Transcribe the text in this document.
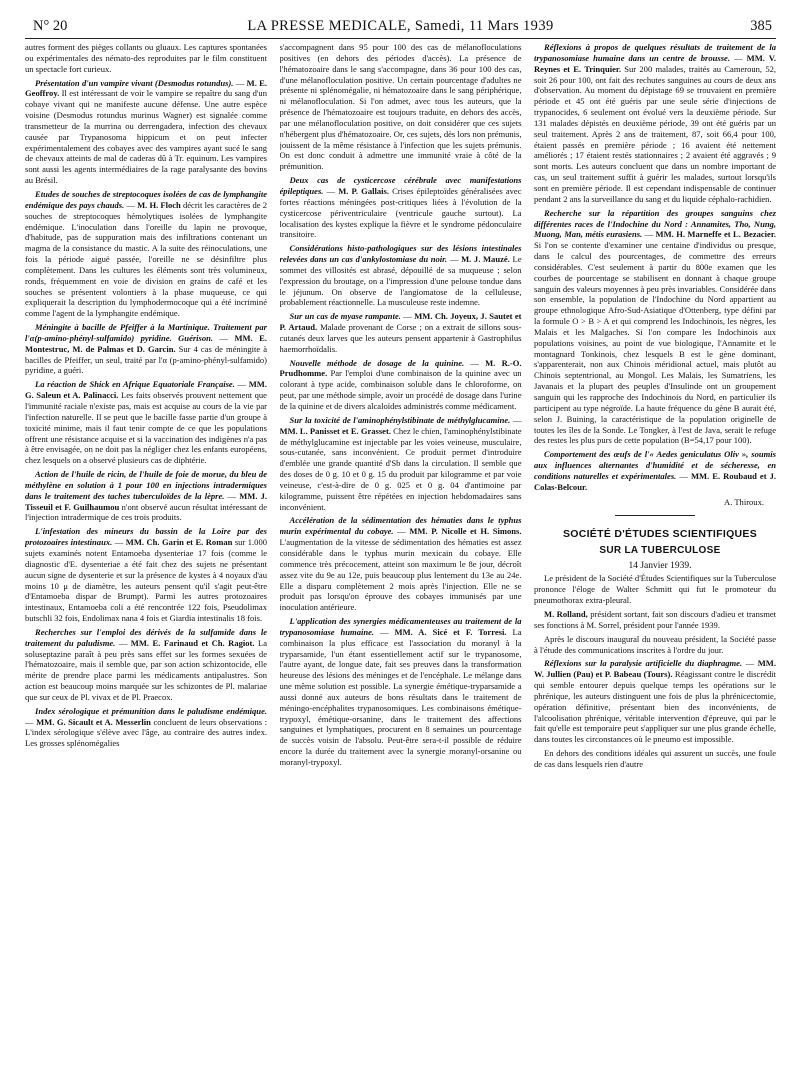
N° 20	LA PRESSE MEDICALE, Samedi, 11 Mars 1939	385

autres forment des pièges collants ou gluaux. Les captures spontanées ou expérimentales des némato-des reproduites par le film constituent un spectacle fort curieux.

Présentation d'un vampire vivant (Desmodus rotundus). — M. E. Geoffroy. Il est intéressant de voir le vampire se repaître du sang d'un cobaye vivant qui ne manifeste aucune défense. Une autre espèce voisine (Desmodus rotundus murinus Wagner) est signalée comme transmetteur de la murrina ou derrengadera, infection des chevaux causée par Trypanosoma hippicum et on peut infecter expérimentalement des cobayes avec des vampires ayant sucé le sang de chevaux atteints de mal de caderas dû à Tr. equinum. Les vampires sont aussi les agents intermédiaires de la rage paralysante des bovins au Brésil.

Etudes de souches de streptocoques isolées de cas de lymphangite endémique des pays chauds. — M. H. Floch décrit les caractères de 2 souches de streptocoques hémolytiques isolées de lymphangite endémique. L'inoculation dans l'oreille du lapin ne provoque, d'habitude, pas de suppuration mais des infiltrations contenant un magma de la consistance du mastic. A la suite des réinoculations, une fois la période aiguë passée, l'oreille ne se désinfiltre plus complètement. Dans les cultures les éléments sont très volumineux, ronds, fréquemment en voie de division en grains de café et les souches se présentent volontiers à la phase muqueuse, ce qui expliquerait la description du lymphodermocoque qui a été incriminé comme l'agent de la lymphangite endémique.

Méningite à bacille de Pfeiffer à la Martinique. Traitement par l'α(p-amino-phényl-sulfamido) pyridine. Guérison. — MM. E. Montestruc, M. de Palmas et D. Garcin. Sur 4 cas de méningite à bacilles de Pfeiffer, un seul, traité par l'α (p-amino-phényl-sulfamido) pyridine, a guéri.

La réaction de Shick en Afrique Equatoriale Française. — MM. G. Saleun et A. Palinacci. Les faits observés prouvent nettement que l'immunité raciale n'existe pas, mais est acquise au cours de la vie par l'infection naturelle. Il se peut que le bacille fasse partie d'un groupe à toxicité minime, mais il faut tenir compte de ce que les populations offrent une résistance acquise et si la vaccination des indigènes n'a pas à être envisagée, on ne doit pas la négliger chez les enfants européens, chez lesquels on a observé plusieurs cas de diphtérie.

Action de l'huile de ricin, de l'huile de foie de morue, du bleu de méthylène en solution à 1 pour 100 en injections intradermiques dans le traitement des taches tuberculoïdes de la lèpre. — MM. J. Tisseuil et F. Guilhaumou n'ont observé aucun résultat intéressant de l'injection intradermique de ces trois produits.

L'infestation des mineurs du bassin de la Loire par des protozoaires intestinaux. — MM. Ch. Garin et E. Roman sur 1.000 sujets examinés notent Entamoeba dysenteriae 17 fois (comme le diagnostic d'E. dysenteriae a été fait chez des sujets ne présentant aucun signe de dysenterie et sur la présence de kystes à 4 noyaux d'au moins 10 μ de diamètre, les auteurs pensent qu'il s'agit peut-être d'Entamoeba dispar de Brumpt). Parmi les autres protozoaires intestinaux, Entamoeba coli a été rencontrée 122 fois, Pseudolimax butschli 32 fois, Endolimax nana 4 fois et Giardia intestinalis 18 fois.

Recherches sur l'emploi des dérivés de la sulfamide dans le traitement du paludisme. — MM. E. Farinaud et Ch. Ragiot. La soluseptazine paraît à peu près sans effet sur les formes sexuées de l'hématozoaire, mais il semble que, par son action schizontocide, elle mérite de prendre place parmi les médicaments antipalustres. Son action est beaucoup moins marquée sur les schizontes de Pl. malariae que sur ceux de Pl. vivax et de Pl. Praecox.

Index sérologique et prémunition dans le paludisme endémique. — MM. G. Sicault et A. Messerlin concluent de leurs observations : L'index sérologique s'élève avec l'âge, au contraire des autres index. Les grosses splénomégalies

s'accompagnent dans 95 pour 100 des cas de mélanofloculations positives (en dehors des périodes d'accès). La présence de l'hématozoaire dans le sang s'accompagne, dans 36 pour 100 des cas, d'une mélanofloculation positive. Un certain pourcentage d'adultes ne présente ni splénomégalie, ni hématozoaire dans le sang périphérique, ni mélanofloculation. Si l'on admet, avec tous les auteurs, que la présence de l'hématozoaire est toujours traduite, en dehors des accès, par une mélanofloculation positive, on doit considérer que ces sujets n'hébergent plus d'hématozoaire. Or, ces sujets, dès lors non prémunis, jouissent de la même résistance à l'infection que les sujets prémunis. On est donc conduit à admettre une immunité vraie à côté de la prémunition.

Deux cas de cysticercose cérébrale avec manifestations épileptiques. — M. P. Gallais. Crises épileptoïdes généralisées avec fortes réactions méningées post-critiques liées à l'évolution de la cysticercose périventriculaire (ventricule gauche surtout). La localisation des kystes explique la fièvre et le syndrome pédonculaire transitoire.

Considérations histo-pathologiques sur des lésions intestinales relevées dans un cas d'ankylostomiase du noir. — M. J. Mauzé. Le sommet des villosités est abrasé, dépouillé de sa muqueuse ; selon l'expression du broutage, on a l'impression d'une pelouse tondue dans le jéjunum. On observe de l'angiomatose de la celluleuse, probablement réactionnelle. La musculeuse reste indemne.

Sur un cas de myase rampante. — MM. Ch. Joyeux, J. Sautet et P. Artaud. Malade provenant de Corse ; on a extrait de sillons sous-cutanés deux larves que les auteurs pensent appartenir à Gastrophilus haemorrhoïdalis.

Nouvelle méthode de dosage de la quinine. — M. R.-O. Prudhomme. Par l'emploi d'une combinaison de la quinine avec un colorant à type acide, combinaison soluble dans le chloroforme, on peut, par une méthode simple, avoir un procédé de dosage dans l'urine de la quinine et de divers alcaloïdes administrés comme médicament.

Sur la toxicité de l'aminophénylstibinate de méthylglucamine. — MM. L. Panisset et E. Grasset. Chez le chien, l'aminophénylstibinate de méthylglucamine est injectable par les voies veineuse, musculaire, sous-cutanée, sans inconvénient. Ce produit permet d'introduire d'emblée une grande quantité d'Sb dans la circulation. Il semble que des doses de 0 g. 10 et 0 g. 15 du produit par kilogramme et par voie veineuse, c'est-à-dire de 0 g. 025 et 0 g. 04 d'antimoine par kilogramme, puissent être répétées en injection hebdomadaires sans inconvénient.

Accélération de la sédimentation des hématies dans le typhus murin expérimental du cobaye. — MM. P. Nicolle et H. Simons. L'augmentation de la vitesse de sédimentation des hématies est assez considérable dans le typhus murin mexicain du cobaye. Elle commence très précocement, atteint son maximum le 8e jour, décroît assez vite du 9e au 12e, puis beaucoup plus lentement du 13e au 24e. Elle a disparu complètement 2 mois après l'injection. Elle ne se produit pas lorsqu'on éprouve des cobayes immunisés par une inoculation antérieure.

L'application des synergies médicamenteuses au traitement de la trypanosomiase humaine. — MM. A. Sicé et F. Torresi. La combinaison la plus efficace est l'association du moranyl à la tryparsamide, l'un étant essentiellement actif sur le trypanosome, l'autre ayant, de longue date, fait ses preuves dans la transformation heureuse des lésions des méninges et de l'encéphale. Le mélange dans une même solution est possible. La synergie émétique-tryparsamide a aussi donné aux auteurs de bons résultats dans le traitement de méningo-encéphalites trypanosomiques. Les combinaisons émétique-trypoxyl, émétique-orsanine, dans le traitement des affections sanguines et lymphatiques, procurent en 8 semaines un pourcentage de succès voisin de l'absolu. Peut-être sera-t-il possible de réduire encore la durée du traitement avec la synergie moranyl-orsanine ou moranyl-trypoxyl.

Réflexions à propos de quelques résultats de traitement de la trypanosomiase humaine dans un centre de brousse. — MM. V. Reynes et E. Trinquier. Sur 200 malades, traités au Cameroun, 52, soit 26 pour 100, ont fait des rechutes sanguines au cours de deux ans d'observation. Au moment du dépistage 69 se trouvaient en première période et 45 ont été guéris par une seule série d'injections de trypanocides, 6 seulement ont évolué vers la deuxième période. Sur 131 malades dépistés en deuxième période, 39 ont été guéris par un seul traitement. Après 2 ans de traitement, 87, soit 66,4 pour 100, étaient passés en première période ; 16 avaient été nettement améliorés ; 17 étaient restés stationnaires ; 2 avaient été aggravés ; 9 sont morts. Les auteurs concluent que dans un nombre important de cas, un seul traitement suffit à guérir les malades, surtout lorsqu'ils sont en première période. Il est cependant indispensable de continuer pendant 2 ans la surveillance du sang et du liquide céphalo-rachidien.

Recherche sur la répartition des groupes sanguins chez différentes races de l'Indochine du Nord : Annamites, Tho, Nung, Muong, Man, métis eurasiens. — MM. H. Marneffe et L. Bezacier. Si l'on se contente d'examiner une centaine d'individus ou presque, dans le calcul des pourcentages, de commettre des erreurs considérables. C'est seulement à partir du 800e examen que les courbes de pourcentage se stabilisent en donnant à chaque groupe sanguin des valeurs moyennes à peu près invariables. Considérée dans son ensemble, la population de l'Indochine du Nord appartient au groupe ethnologique Afro-Sud-Asiatique d'Ottenberg, type défini par la formule O > B > A et qui comprend les Indochinois, les nègres, les Malais et les Malgaches. Si l'on compare les Indochinois aux populations voisines, au point de vue biologique, l'Annamite et le montagnard Tonkinois, chez lesquels B est le gène dominant, s'apparenterait, non aux Chinois méridional actuel, mais plutôt au Chinois septentrional, au Mongol. Les Malais, les Sumatriens, les Javanais et la plupart des peuples d'Insulinde ont un groupement sanguin qui les rapproche des Indochinois du Nord, en particulier ils participent au type négroïde. La haute fréquence du gène B aurait été, selon J. Buining, la caractéristique de la population originelle de toutes les îles de la Sonde. Le Tongker, à l'est de Java, serait le refuge des restes les plus purs de cette population (B=54,17 pour 100).

Comportement des œufs de l'« Aedes geniculatus Oliv », soumis aux influences alternantes d'humidité et de sécheresse, en conditions naturelles et expérimentales. — MM. E. Roubaud et J. Colas-Belcour.

A. Thiroux.

SOCIÉTÉ D'ÉTUDES SCIENTIFIQUES

SUR LA TUBERCULOSE

14 Janvier 1939.

Le président de la Société d'Études Scientifiques sur la Tuberculose prononce l'éloge de Walter Schmitt qui fut le promoteur du pneumothorax extra-pleural.

M. Rolland, président sortant, fait son discours d'adieu et transmet ses fonctions à M. Sorrel, président pour l'année 1939.

Après le discours inaugural du nouveau président, la Société passe à l'étude des communications inscrites à l'ordre du jour.

Réflexions sur la paralysie artificielle du diaphragme. — MM. W. Jullien (Pau) et P. Babeau (Tours). Réagissant contre le discrédit qui semble entourer depuis quelque temps les opérations sur le phrénique, les auteurs distinguent une fois de plus la phrénicectomie, opération définitive, présentant bien des inconvénients, de l'alcoolisation phrénique, véritable intervention d'épreuve, qui par le fait qu'elle est temporaire peut s'appliquer sur une plus grande échelle, dans toutes les circonstances où le pneumo est impossible.

En dehors des conditions idéales qui assurent un succès, une foule de cas dans lesquels rien d'autre
